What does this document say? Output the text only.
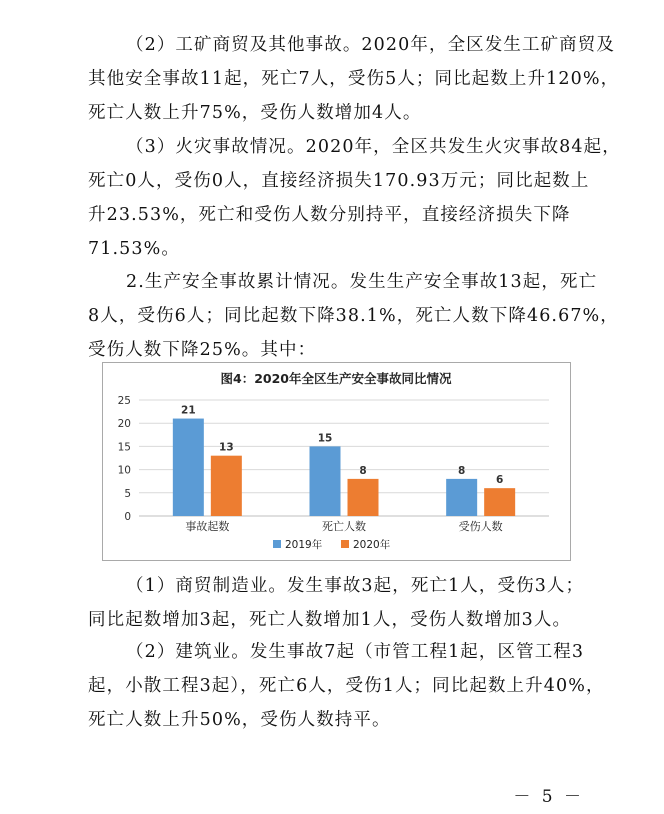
（2）工矿商贸及其他事故。2020年，全区发生工矿商贸及
其他安全事故11起，死亡7人，受伤5人；同比起数上升120%，
死亡人数上升75%，受伤人数增加4人。

（3）火灾事故情况。2020年，全区共发生火灾事故84起，
死亡0人，受伤0人，直接经济损失170.93万元；同比起数上
升23.53%，死亡和受伤人数分别持平，直接经济损失下降
71.53%。

2.生产安全事故累计情况。发生生产安全事故13起，死亡
8人，受伤6人；同比起数下降38.1%，死亡人数下降46.67%，
受伤人数下降25%。其中：

图4：2020年全区生产安全事故同比情况
0
5
10
15
20
25
21
13
15
8	8
6
事故起数	死亡人数	受伤人数
2019年	2020年

（1）商贸制造业。发生事故3起，死亡1人，受伤3人；
同比起数增加3起，死亡人数增加1人，受伤人数增加3人。

（2）建筑业。发生事故7起（市管工程1起，区管工程3
起，小散工程3起），死亡6人，受伤1人；同比起数上升40%，
死亡人数上升50%，受伤人数持平。

－ 5 －
